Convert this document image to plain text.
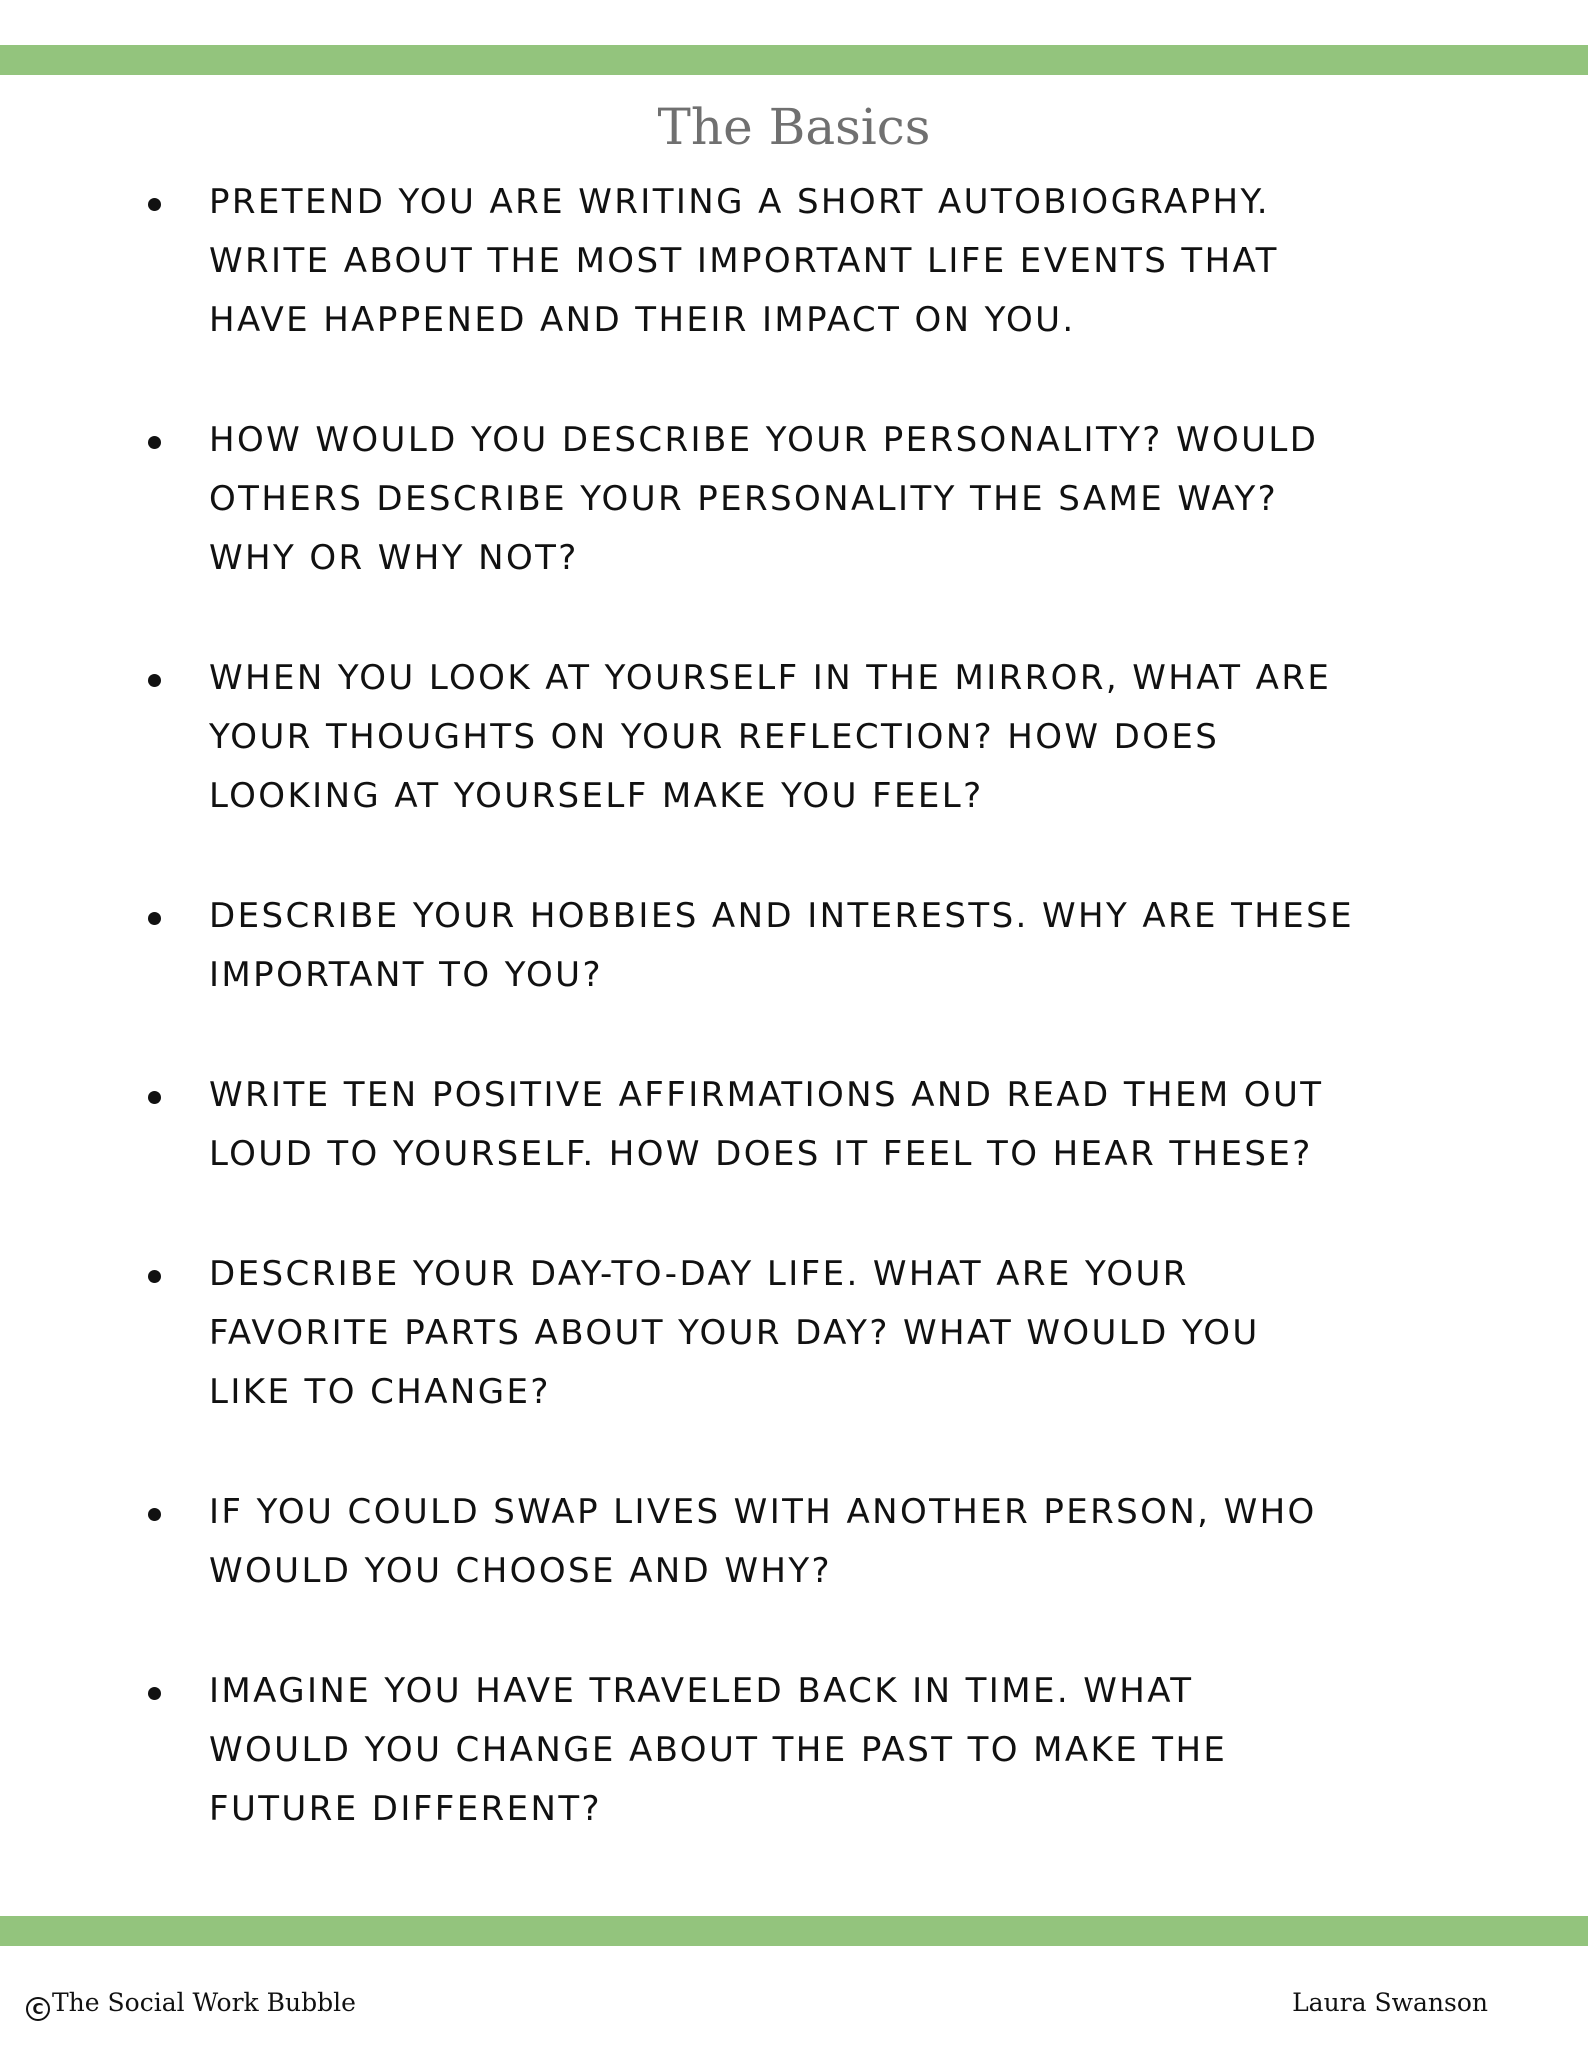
The Basics
PRETEND YOU ARE WRITING A SHORT AUTOBIOGRAPHY.
WRITE ABOUT THE MOST IMPORTANT LIFE EVENTS THAT
HAVE HAPPENED AND THEIR IMPACT ON YOU.
HOW WOULD YOU DESCRIBE YOUR PERSONALITY? WOULD
OTHERS DESCRIBE YOUR PERSONALITY THE SAME WAY?
WHY OR WHY NOT?
WHEN YOU LOOK AT YOURSELF IN THE MIRROR, WHAT ARE
YOUR THOUGHTS ON YOUR REFLECTION? HOW DOES
LOOKING AT YOURSELF MAKE YOU FEEL?
DESCRIBE YOUR HOBBIES AND INTERESTS. WHY ARE THESE
IMPORTANT TO YOU?
WRITE TEN POSITIVE AFFIRMATIONS AND READ THEM OUT
LOUD TO YOURSELF. HOW DOES IT FEEL TO HEAR THESE?
DESCRIBE YOUR DAY-TO-DAY LIFE. WHAT ARE YOUR
FAVORITE PARTS ABOUT YOUR DAY? WHAT WOULD YOU
LIKE TO CHANGE?
IF YOU COULD SWAP LIVES WITH ANOTHER PERSON, WHO
WOULD YOU CHOOSE AND WHY?
IMAGINE YOU HAVE TRAVELED BACK IN TIME. WHAT
WOULD YOU CHANGE ABOUT THE PAST TO MAKE THE
FUTURE DIFFERENT?
C The Social Work Bubble	Laura Swanson
